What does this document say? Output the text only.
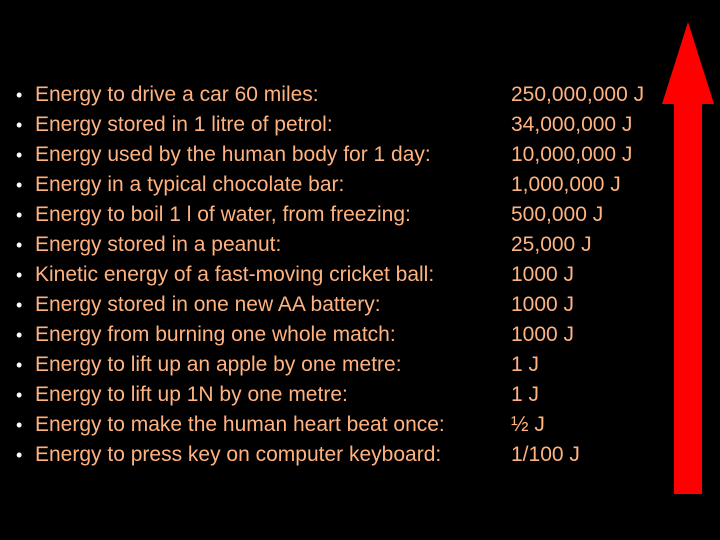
• Energy to drive a car 60 miles:	250,000,000 J
• Energy stored in 1 litre of petrol:	34,000,000 J
• Energy used by the human body for 1 day:	10,000,000 J
• Energy in a typical chocolate bar:	1,000,000 J
• Energy to boil 1 l of water, from freezing:	500,000 J
• Energy stored in a peanut:	25,000 J
• Kinetic energy of a fast-moving cricket ball:	1000 J
• Energy stored in one new AA battery:	1000 J
• Energy from burning one whole match:	1000 J
• Energy to lift up an apple by one metre:	1 J
• Energy to lift up 1N by one metre:	1 J
• Energy to make the human heart beat once:	½ J
• Energy to press key on computer keyboard:	1/100 J
